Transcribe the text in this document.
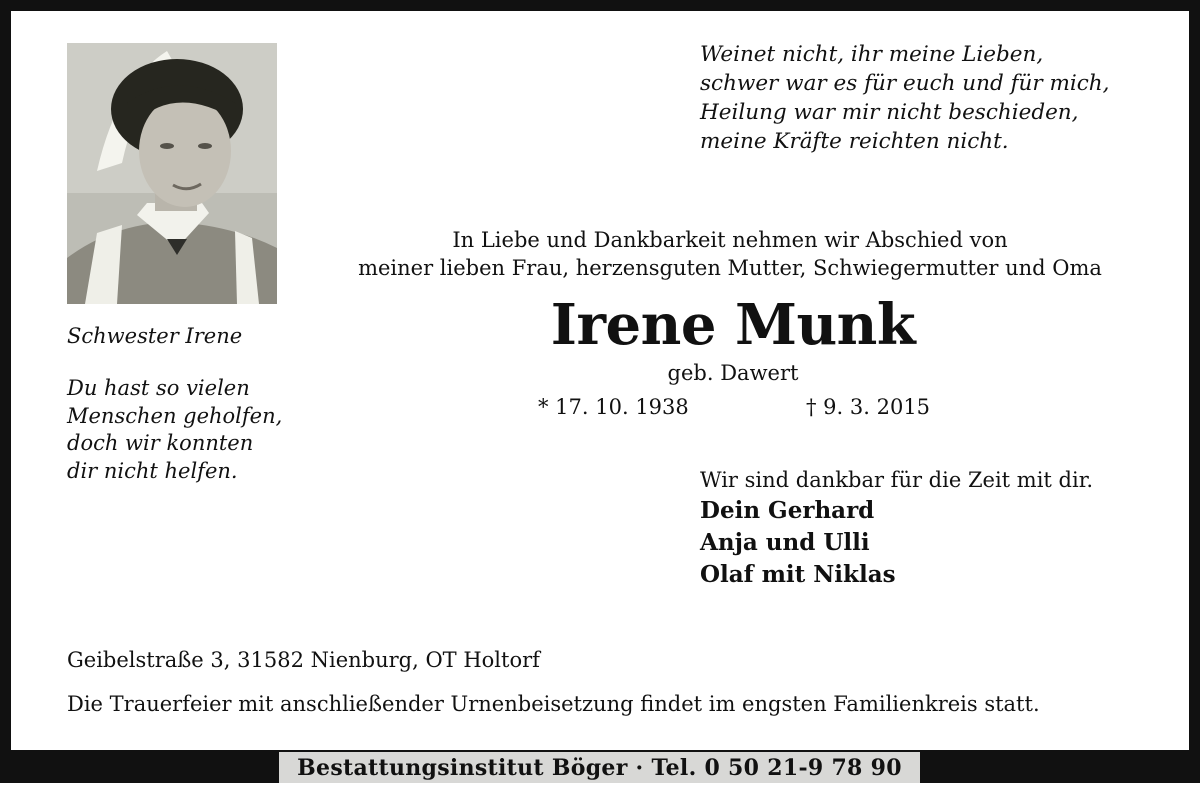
Weinet nicht, ihr meine Lieben,
schwer war es für euch und für mich,
Heilung war mir nicht beschieden,
meine Kräfte reichten nicht.
Schwester Irene
Du hast so vielen
Menschen geholfen,
doch wir konnten
dir nicht helfen.
In Liebe und Dankbarkeit nehmen wir Abschied von
meiner lieben Frau, herzensguten Mutter, Schwiegermutter und Oma
Irene Munk
geb. Dawert
* 17. 10. 1938	† 9. 3. 2015
Wir sind dankbar für die Zeit mit dir.
Dein Gerhard
Anja und Ulli
Olaf mit Niklas
Geibelstraße 3, 31582 Nienburg, OT Holtorf
Die Trauerfeier mit anschließender Urnenbeisetzung findet im engsten Familienkreis statt.
Bestattungsinstitut Böger · Tel. 0 50 21-9 78 90
